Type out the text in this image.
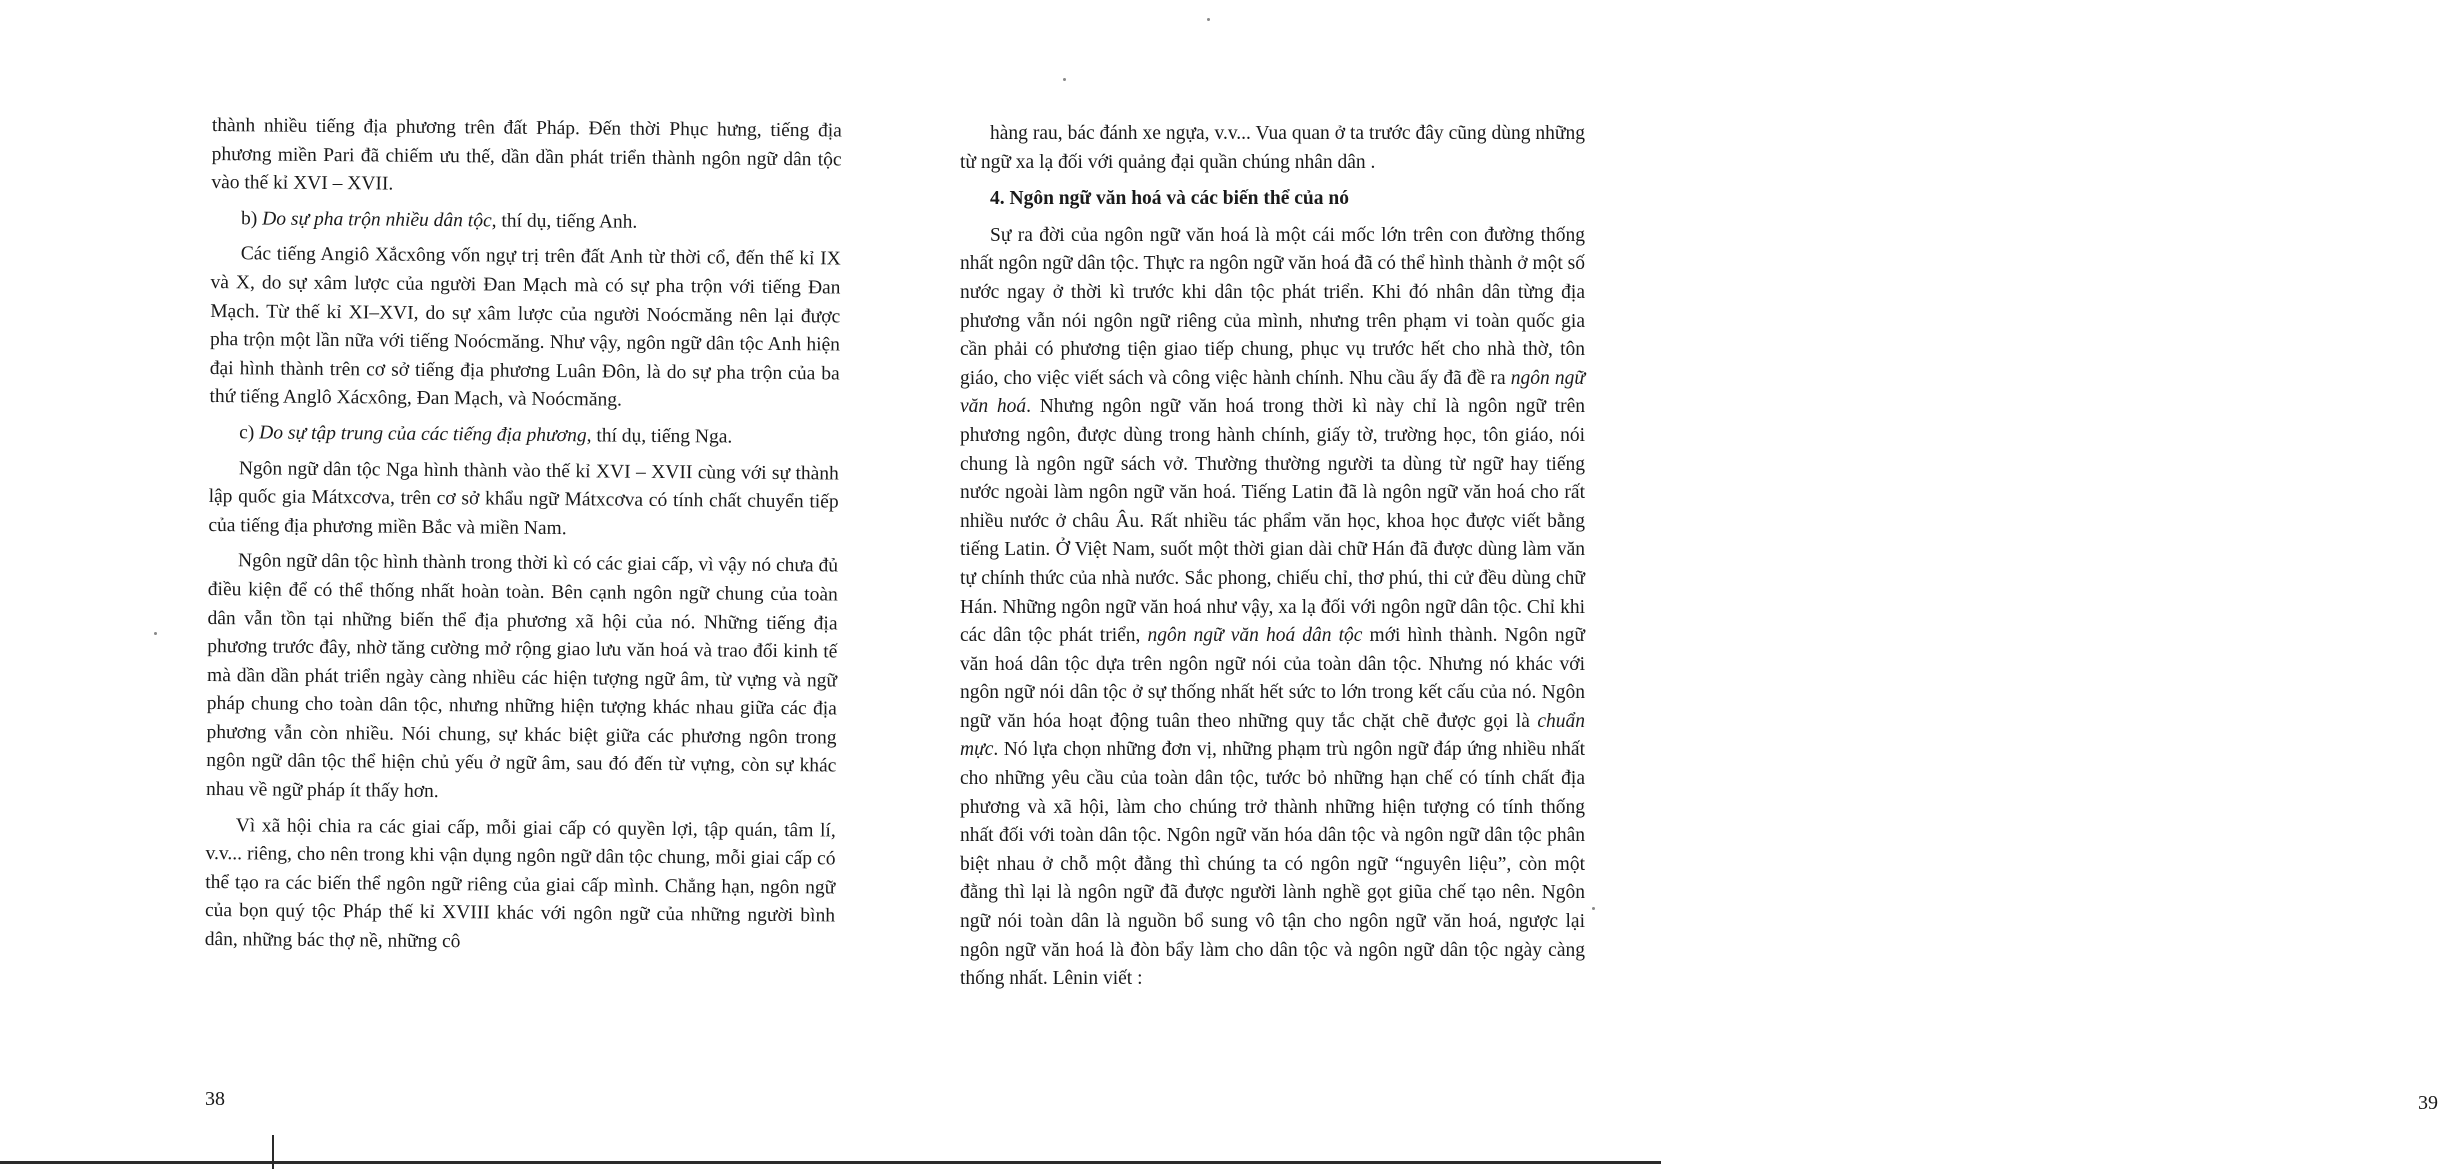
thành nhiều tiếng địa phương trên đất Pháp. Đến thời Phục hưng, tiếng địa phương miền Pari đã chiếm ưu thế, dần dần phát triển thành ngôn ngữ dân tộc vào thế kỉ XVI – XVII.

b) Do sự pha trộn nhiều dân tộc, thí dụ, tiếng Anh.

Các tiếng Angiô Xắcxông vốn ngự trị trên đất Anh từ thời cổ, đến thế kỉ IX và X, do sự xâm lược của người Đan Mạch mà có sự pha trộn với tiếng Đan Mạch. Từ thế kỉ XI–XVI, do sự xâm lược của người Noócmăng nên lại được pha trộn một lần nữa với tiếng Noócmăng. Như vậy, ngôn ngữ dân tộc Anh hiện đại hình thành trên cơ sở tiếng địa phương Luân Đôn, là do sự pha trộn của ba thứ tiếng Anglô Xácxông, Đan Mạch, và Noócmăng.

c) Do sự tập trung của các tiếng địa phương, thí dụ, tiếng Nga.

Ngôn ngữ dân tộc Nga hình thành vào thế kỉ XVI – XVII cùng với sự thành lập quốc gia Mátxcơva, trên cơ sở khẩu ngữ Mátxcơva có tính chất chuyển tiếp của tiếng địa phương miền Bắc và miền Nam.

Ngôn ngữ dân tộc hình thành trong thời kì có các giai cấp, vì vậy nó chưa đủ điều kiện để có thể thống nhất hoàn toàn. Bên cạnh ngôn ngữ chung của toàn dân vẫn tồn tại những biến thể địa phương xã hội của nó. Những tiếng địa phương trước đây, nhờ tăng cường mở rộng giao lưu văn hoá và trao đổi kinh tế mà dần dần phát triển ngày càng nhiều các hiện tượng ngữ âm, từ vựng và ngữ pháp chung cho toàn dân tộc, nhưng những hiện tượng khác nhau giữa các địa phương vẫn còn nhiều. Nói chung, sự khác biệt giữa các phương ngôn trong ngôn ngữ dân tộc thể hiện chủ yếu ở ngữ âm, sau đó đến từ vựng, còn sự khác nhau về ngữ pháp ít thấy hơn.

Vì xã hội chia ra các giai cấp, mỗi giai cấp có quyền lợi, tập quán, tâm lí, v.v... riêng, cho nên trong khi vận dụng ngôn ngữ dân tộc chung, mỗi giai cấp có thể tạo ra các biến thể ngôn ngữ riêng của giai cấp mình. Chẳng hạn, ngôn ngữ của bọn quý tộc Pháp thế kỉ XVIII khác với ngôn ngữ của những người bình dân, những bác thợ nề, những cô

38

hàng rau, bác đánh xe ngựa, v.v... Vua quan ở ta trước đây cũng dùng những từ ngữ xa lạ đối với quảng đại quần chúng nhân dân .

4. Ngôn ngữ văn hoá và các biến thể của nó

Sự ra đời của ngôn ngữ văn hoá là một cái mốc lớn trên con đường thống nhất ngôn ngữ dân tộc. Thực ra ngôn ngữ văn hoá đã có thể hình thành ở một số nước ngay ở thời kì trước khi dân tộc phát triển. Khi đó nhân dân từng địa phương vẫn nói ngôn ngữ riêng của mình, nhưng trên phạm vi toàn quốc gia cần phải có phương tiện giao tiếp chung, phục vụ trước hết cho nhà thờ, tôn giáo, cho việc viết sách và công việc hành chính. Nhu cầu ấy đã đề ra ngôn ngữ văn hoá. Nhưng ngôn ngữ văn hoá trong thời kì này chỉ là ngôn ngữ trên phương ngôn, được dùng trong hành chính, giấy tờ, trường học, tôn giáo, nói chung là ngôn ngữ sách vở. Thường thường người ta dùng từ ngữ hay tiếng nước ngoài làm ngôn ngữ văn hoá. Tiếng Latin đã là ngôn ngữ văn hoá cho rất nhiều nước ở châu Âu. Rất nhiều tác phẩm văn học, khoa học được viết bằng tiếng Latin. Ở Việt Nam, suốt một thời gian dài chữ Hán đã được dùng làm văn tự chính thức của nhà nước. Sắc phong, chiếu chỉ, thơ phú, thi cử đều dùng chữ Hán. Những ngôn ngữ văn hoá như vậy, xa lạ đối với ngôn ngữ dân tộc. Chỉ khi các dân tộc phát triển, ngôn ngữ văn hoá dân tộc mới hình thành. Ngôn ngữ văn hoá dân tộc dựa trên ngôn ngữ nói của toàn dân tộc. Nhưng nó khác với ngôn ngữ nói dân tộc ở sự thống nhất hết sức to lớn trong kết cấu của nó. Ngôn ngữ văn hóa hoạt động tuân theo những quy tắc chặt chẽ được gọi là chuẩn mực. Nó lựa chọn những đơn vị, những phạm trù ngôn ngữ đáp ứng nhiều nhất cho những yêu cầu của toàn dân tộc, tước bỏ những hạn chế có tính chất địa phương và xã hội, làm cho chúng trở thành những hiện tượng có tính thống nhất đối với toàn dân tộc. Ngôn ngữ văn hóa dân tộc và ngôn ngữ dân tộc phân biệt nhau ở chỗ một đằng thì chúng ta có ngôn ngữ “nguyên liệu”, còn một đằng thì lại là ngôn ngữ đã được người lành nghề gọt giũa chế tạo nên. Ngôn ngữ nói toàn dân là nguồn bổ sung vô tận cho ngôn ngữ văn hoá, ngược lại ngôn ngữ văn hoá là đòn bẩy làm cho dân tộc và ngôn ngữ dân tộc ngày càng thống nhất. Lênin viết :

39
